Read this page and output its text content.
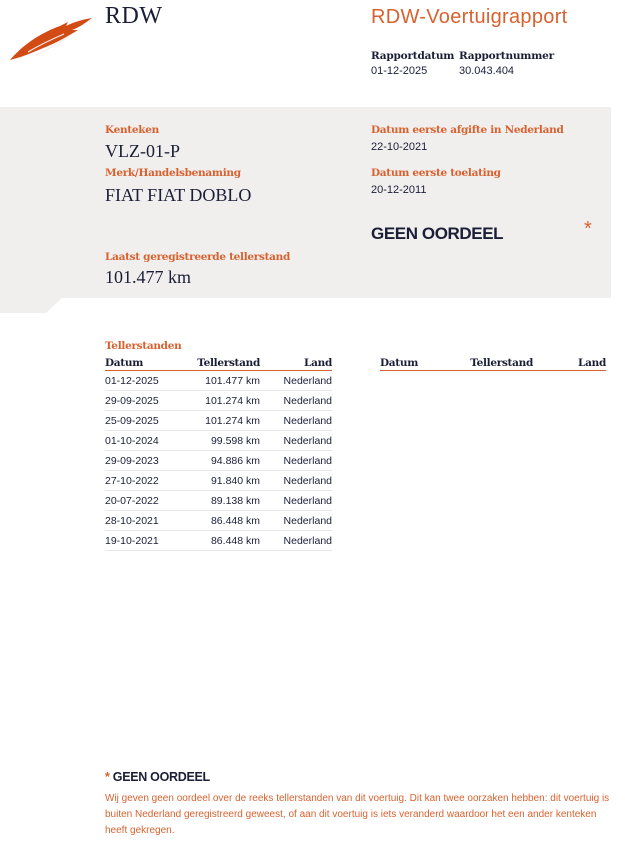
RDW	RDW-Voertuigrapport
Rapportdatum
01-12-2025
Rapportnummer
30.043.404
Kenteken
VLZ-01-P
Merk/Handelsbenaming
FIAT FIAT DOBLO
Datum eerste afgifte in Nederland
22-10-2021
Datum eerste toelating
20-12-2011
GEEN OORDEEL	*
Laatst geregistreerde tellerstand
101.477 km
Tellerstanden
Datum	Tellerstand	Land
01-12-2025	101.477 km	Nederland
29-09-2025	101.274 km	Nederland
25-09-2025	101.274 km	Nederland
01-10-2024	99.598 km	Nederland
29-09-2023	94.886 km	Nederland
27-10-2022	91.840 km	Nederland
20-07-2022	89.138 km	Nederland
28-10-2021	86.448 km	Nederland
19-10-2021	86.448 km	Nederland
Datum	Tellerstand	Land
* GEEN OORDEEL
Wij geven geen oordeel over de reeks tellerstanden van dit voertuig. Dit kan twee oorzaken hebben: dit voertuig is buiten Nederland geregistreerd geweest, of aan dit voertuig is iets veranderd waardoor het een ander kenteken heeft gekregen.
